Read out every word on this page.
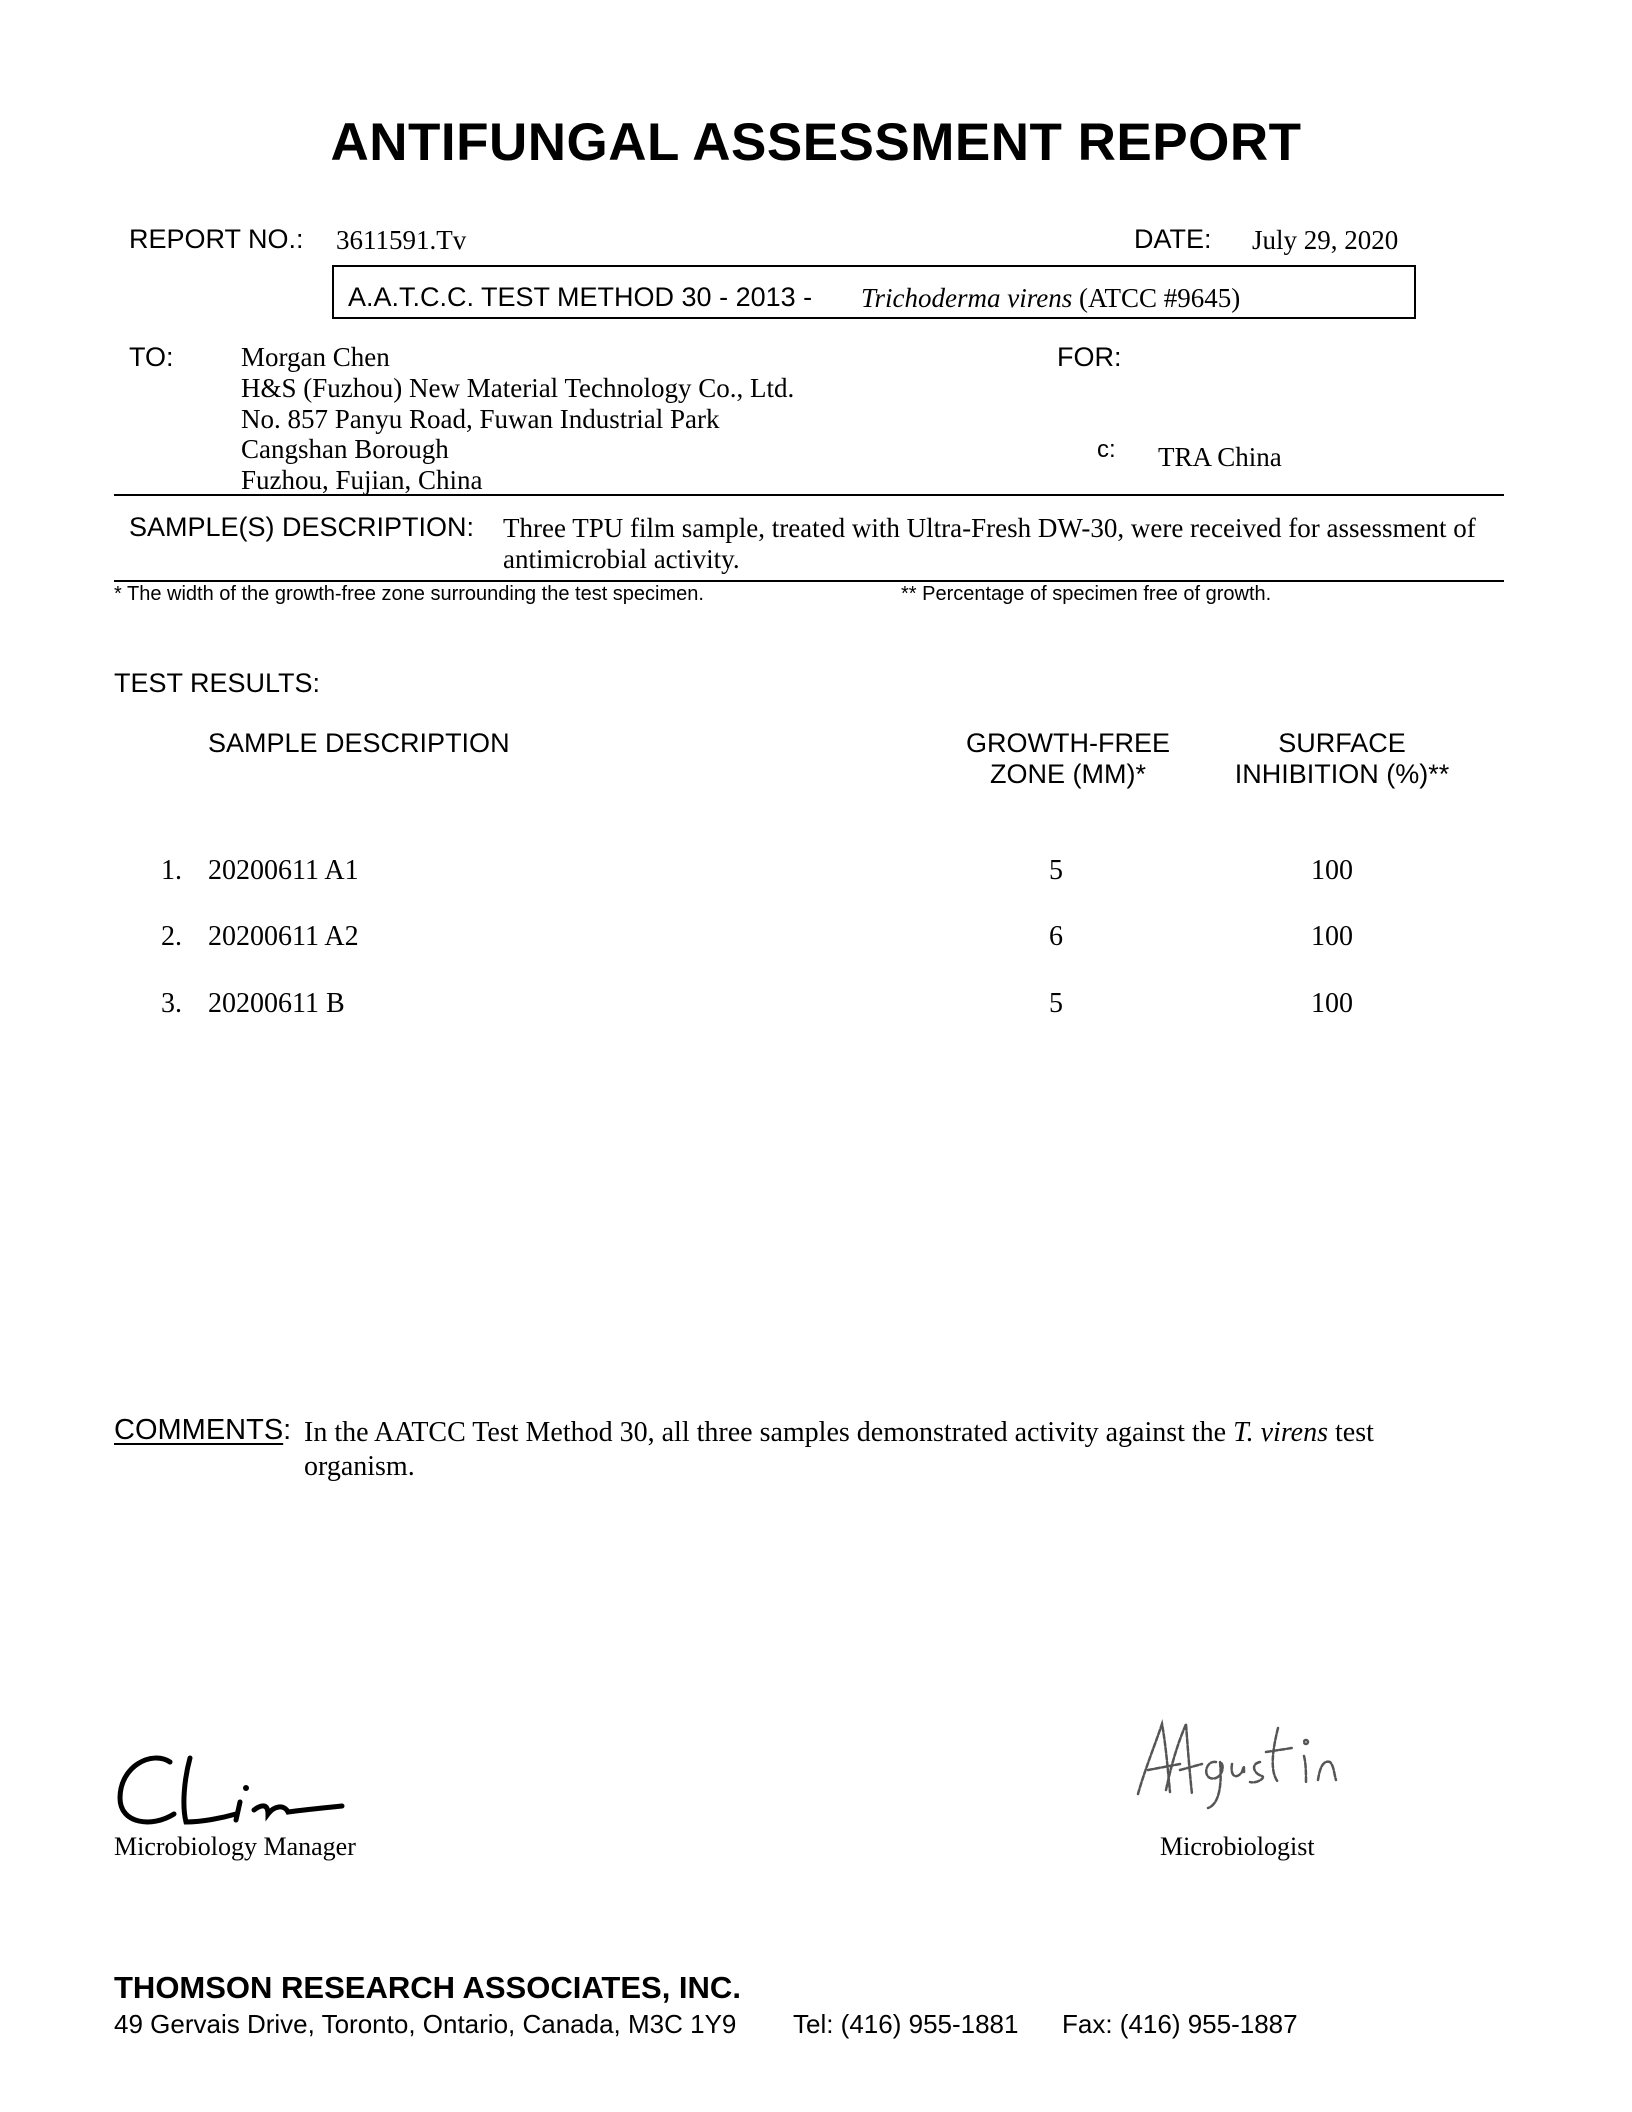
ANTIFUNGAL ASSESSMENT REPORT
REPORT NO.: 3611591.Tv	DATE: July 29, 2020
A.A.T.C.C. TEST METHOD 30 - 2013 - Trichoderma virens (ATCC #9645)
TO: Morgan Chen
H&S (Fuzhou) New Material Technology Co., Ltd.
No. 857 Panyu Road, Fuwan Industrial Park
Cangshan Borough
Fuzhou, Fujian, China
FOR:
c: TRA China
SAMPLE(S) DESCRIPTION: Three TPU film sample, treated with Ultra-Fresh DW-30, were received for assessment of
antimicrobial activity.
* The width of the growth-free zone surrounding the test specimen.	** Percentage of specimen free of growth.
TEST RESULTS:
SAMPLE DESCRIPTION	GROWTH-FREE
ZONE (MM)*
SURFACE
INHIBITION (%)**
1. 20200611 A1	5	100
2. 20200611 A2	6	100
3. 20200611 B	5	100
COMMENTS: In the AATCC Test Method 30, all three samples demonstrated activity against the T. virens test
organism.
Microbiology Manager	Microbiologist
THOMSON RESEARCH ASSOCIATES, INC.
49 Gervais Drive, Toronto, Ontario, Canada, M3C 1Y9 Tel: (416) 955-1881 Fax: (416) 955-1887
